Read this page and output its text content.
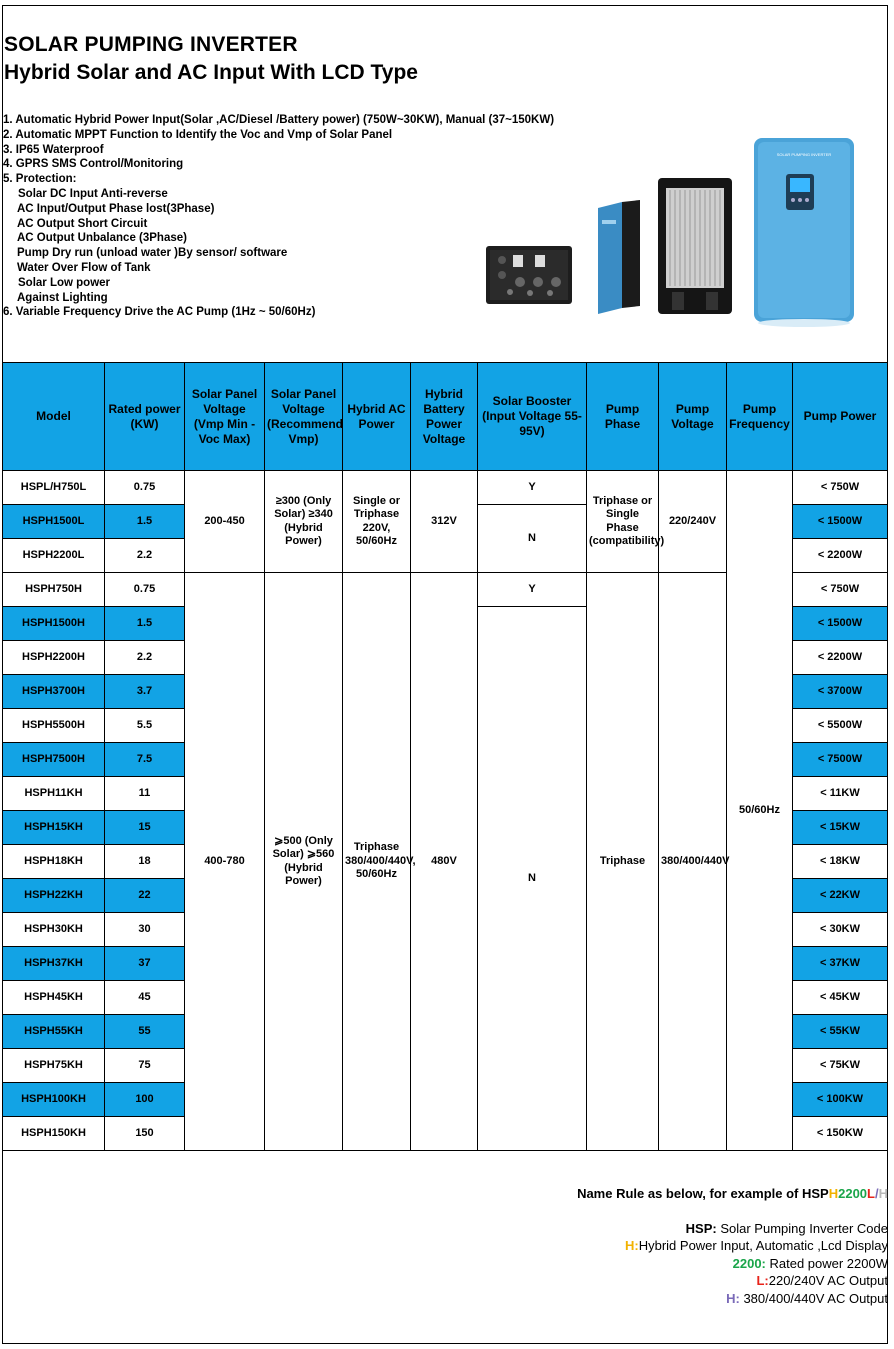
SOLAR PUMPING INVERTER
Hybrid Solar and AC Input With LCD Type
1. Automatic Hybrid Power Input(Solar ,AC/Diesel /Battery power) (750W~30KW), Manual (37~150KW)
2. Automatic MPPT Function to Identify the Voc and Vmp of Solar Panel
3. IP65 Waterproof
4. GPRS SMS Control/Monitoring
5. Protection:
Solar DC Input Anti-reverse
AC Input/Output Phase lost(3Phase)
AC Output Short Circuit
AC Output Unbalance (3Phase)
Pump Dry run (unload water )By sensor/ software
Water Over Flow of Tank
Solar Low power
Against Lighting
6. Variable Frequency Drive the AC Pump (1Hz ~ 50/60Hz)
SOLAR PUMPING INVERTER
Model	Rated power (KW)	Solar Panel Voltage (Vmp Min - Voc Max)	Solar Panel Voltage (Recommend Vmp)	Hybrid AC Power	Hybrid Battery Power Voltage	Solar Booster (Input Voltage 55-95V)	Pump Phase	Pump Voltage	Pump Frequency	Pump Power
HSPL/H750L	0.75	200-450	≥300 (Only Solar) ≥340 (Hybrid Power)	Single or Triphase 220V, 50/60Hz	312V	Y	Triphase or Single Phase (compatibility)	220/240V	50/60Hz	< 750W
HSPH1500L	1.5					N				< 1500W
HSPH2200L	2.2									< 2200W
HSPH750H	0.75	400-780	⩾500 (Only Solar) ⩾560 (Hybrid Power)	Triphase 380/400/440V, 50/60Hz	480V	Y	Triphase	380/400/440V		< 750W
HSPH1500H	1.5					N				< 1500W
HSPH2200H	2.2									< 2200W
HSPH3700H	3.7									< 3700W
HSPH5500H	5.5									< 5500W
HSPH7500H	7.5									< 7500W
HSPH11KH	11									< 11KW
HSPH15KH	15									< 15KW
HSPH18KH	18									< 18KW
HSPH22KH	22									< 22KW
HSPH30KH	30									< 30KW
HSPH37KH	37									< 37KW
HSPH45KH	45									< 45KW
HSPH55KH	55									< 55KW
HSPH75KH	75									< 75KW
HSPH100KH	100									< 100KW
HSPH150KH	150									< 150KW
Name Rule as below, for example of HSPH2200L/H
HSP: Solar Pumping Inverter Code
H:Hybrid Power Input, Automatic ,Lcd Display
2200: Rated power 2200W
L:220/240V AC Output
H: 380/400/440V AC Output
